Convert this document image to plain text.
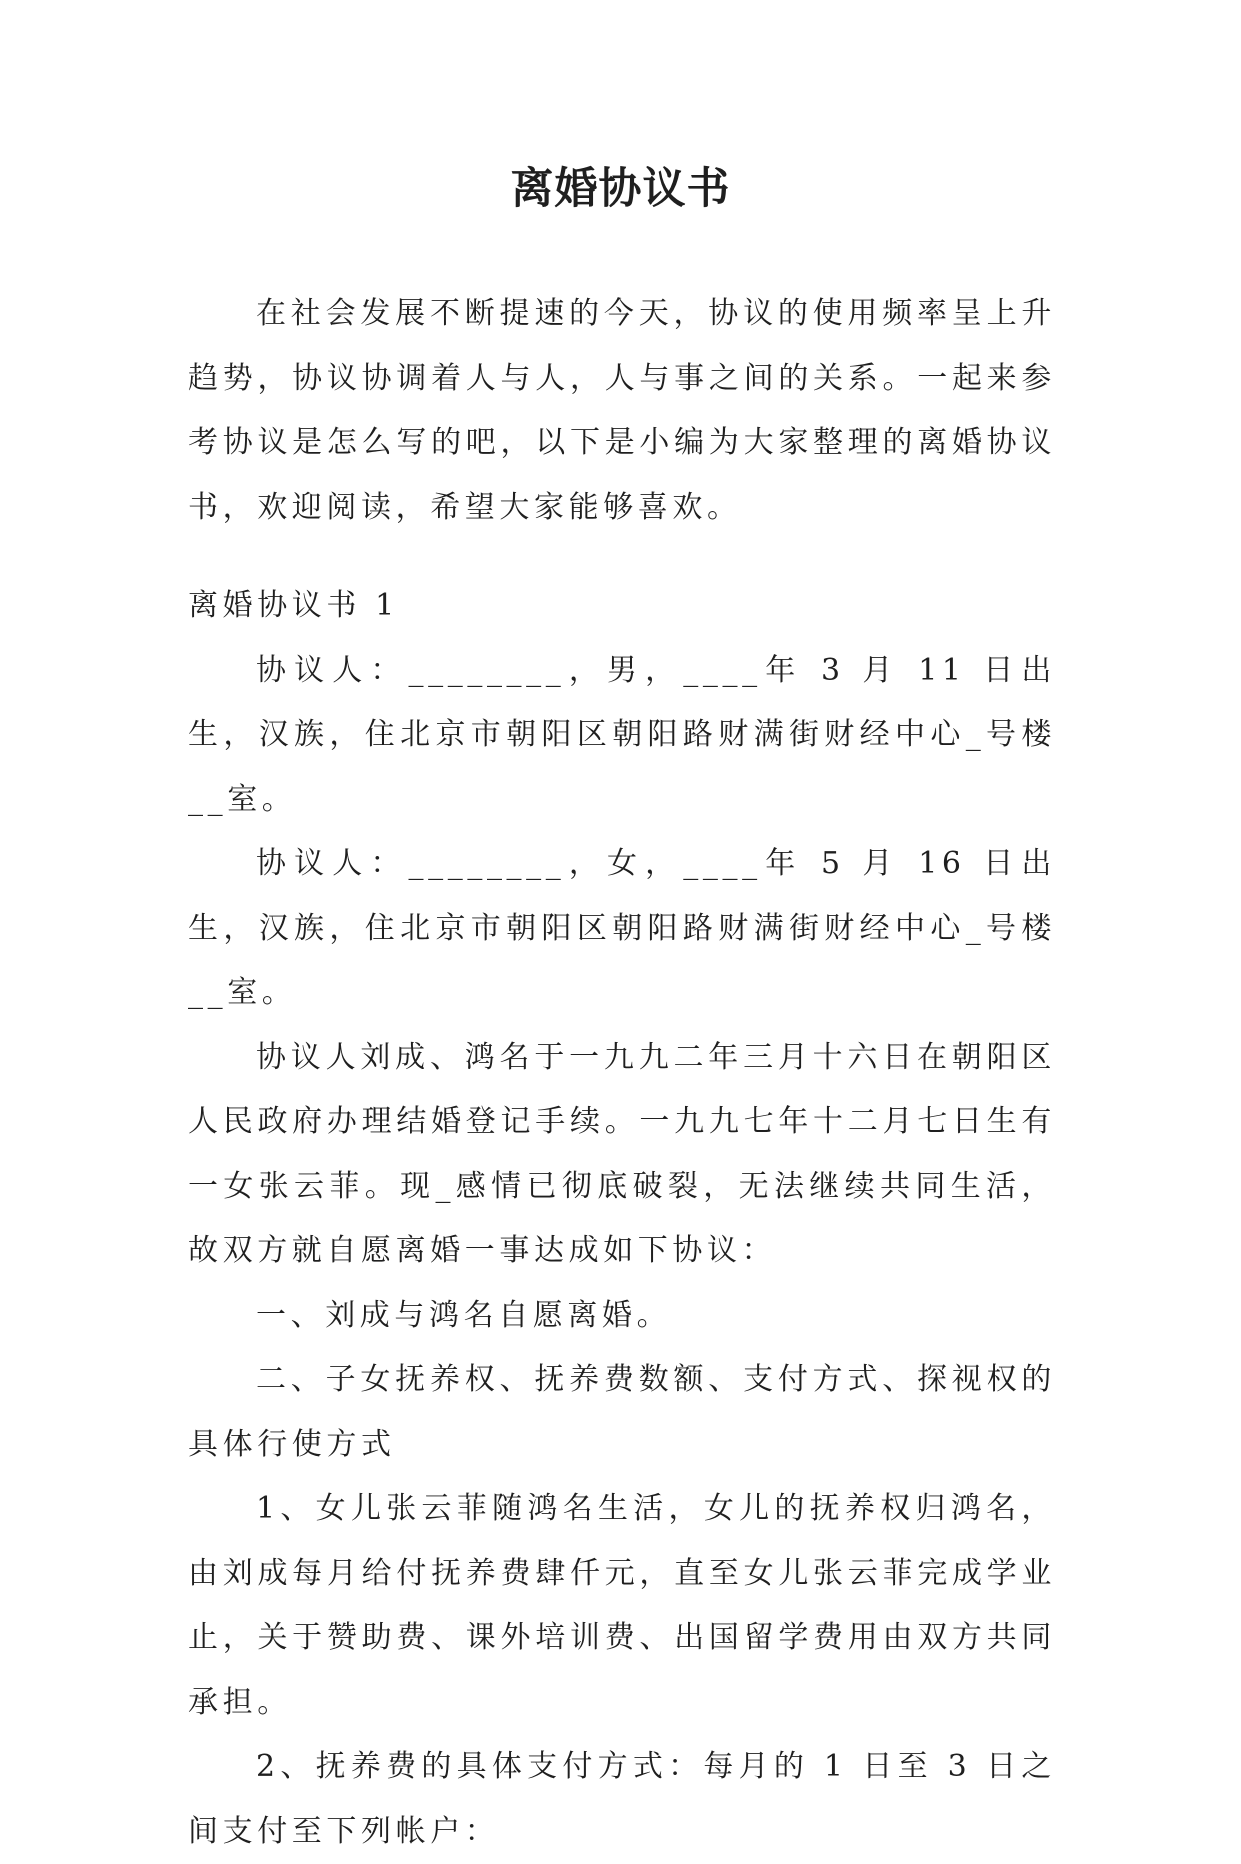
离婚协议书

在社会发展不断提速的今天，协议的使用频率呈上升趋势，协议协调着人与人，人与事之间的关系。一起来参考协议是怎么写的吧，以下是小编为大家整理的离婚协议书，欢迎阅读，希望大家能够喜欢。

离婚协议书 1

协议人：________，男，____年 3 月 11 日出生，汉族，住北京市朝阳区朝阳路财满街财经中心_号楼__室。

协议人：________，女，____年 5 月 16 日出生，汉族，住北京市朝阳区朝阳路财满街财经中心_号楼__室。

协议人刘成、鸿名于一九九二年三月十六日在朝阳区人民政府办理结婚登记手续。一九九七年十二月七日生有一女张云菲。现_感情已彻底破裂，无法继续共同生活，故双方就自愿离婚一事达成如下协议：

一、刘成与鸿名自愿离婚。

二、子女抚养权、抚养费数额、支付方式、探视权的具体行使方式

1、女儿张云菲随鸿名生活，女儿的抚养权归鸿名，由刘成每月给付抚养费肆仟元，直至女儿张云菲完成学业止，关于赞助费、课外培训费、出国留学费用由双方共同承担。

2、抚养费的具体支付方式：每月的 1 日至 3 日之间支付至下列帐户：
